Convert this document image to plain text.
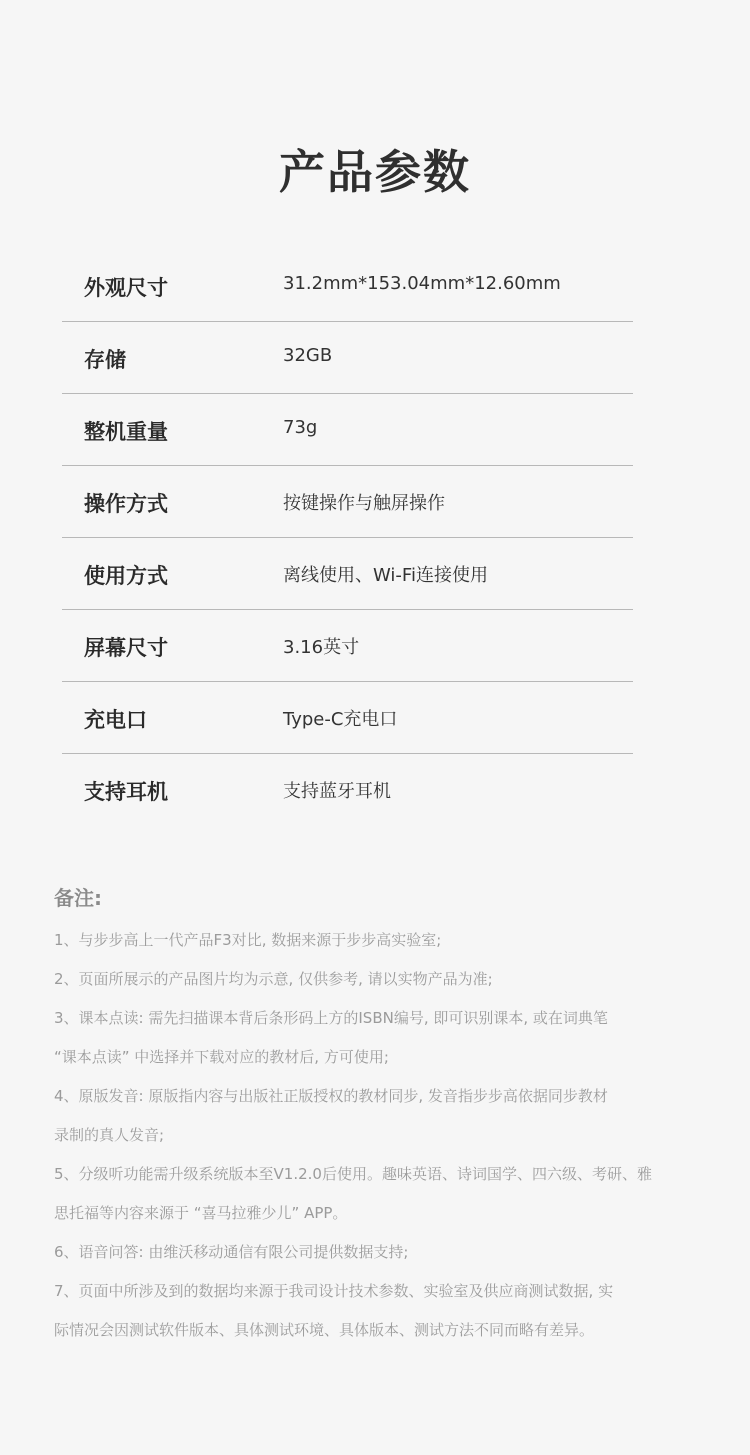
产品参数
外观尺寸	31.2mm*153.04mm*12.60mm
存储	32GB
整机重量	73g
操作方式	按键操作与触屏操作
使用方式	离线使用、Wi-Fi连接使用
屏幕尺寸	3.16英寸
充电口	Type-C充电口
支持耳机	支持蓝牙耳机
备注:
1、与步步高上一代产品F3对比, 数据来源于步步高实验室;
2、页面所展示的产品图片均为示意, 仅供参考, 请以实物产品为准;
3、课本点读: 需先扫描课本背后条形码上方的ISBN编号, 即可识别课本, 或在词典笔
“课本点读” 中选择并下载对应的教材后, 方可使用;
4、原版发音: 原版指内容与出版社正版授权的教材同步, 发音指步步高依据同步教材
录制的真人发音;
5、分级听功能需升级系统版本至V1.2.0后使用。趣味英语、诗词国学、四六级、考研、雅
思托福等内容来源于 “喜马拉雅少儿” APP。
6、语音问答: 由维沃移动通信有限公司提供数据支持;
7、页面中所涉及到的数据均来源于我司设计技术参数、实验室及供应商测试数据, 实
际情况会因测试软件版本、具体测试环境、具体版本、测试方法不同而略有差异。
